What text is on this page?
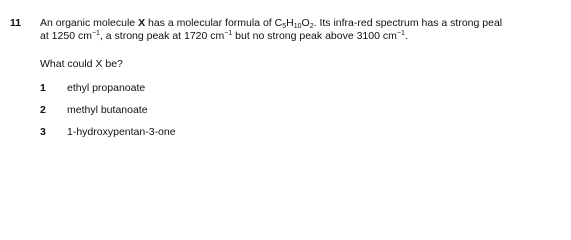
11 An organic molecule X has a molecular formula of $C_5H_{10}O_2$. Its infra-red spectrum has a strong peal
at 1250 $cm^{-1}$, a strong peak at 1720 $cm^{-1}$ but no strong peak above 3100 $cm^{-1}$.
What could X be?
1	ethyl propanoate
2	methyl butanoate
3	1-hydroxypentan-3-one
